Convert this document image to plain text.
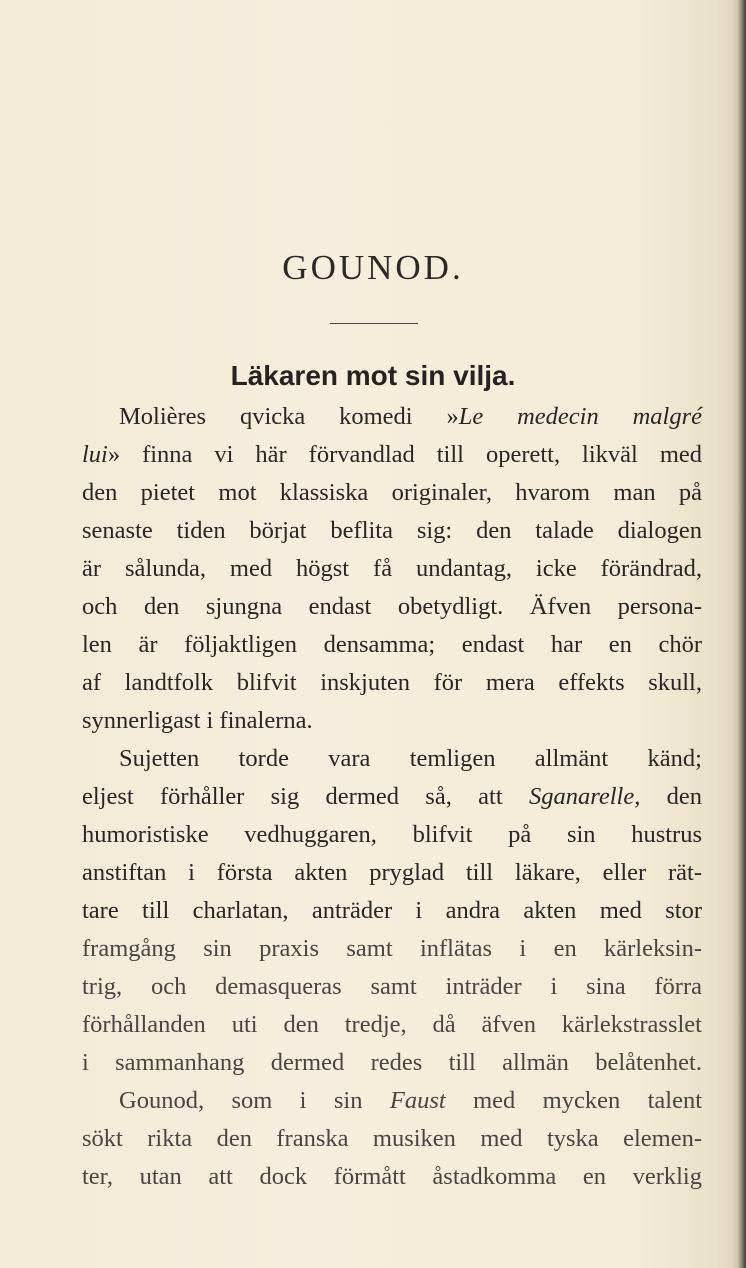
GOUNOD.
Läkaren mot sin vilja.
Molières qvicka komedi »Le medecin malgré
lui» finna vi här förvandlad till operett, likväl med
den pietet mot klassiska originaler, hvarom man på
senaste tiden börjat beflita sig: den talade dialogen
är sålunda, med högst få undantag, icke förändrad,
och den sjungna endast obetydligt. Äfven persona-
len är följaktligen densamma; endast har en chör
af landtfolk blifvit inskjuten för mera effekts skull,
synnerligast i finalerna.
Sujetten torde vara temligen allmänt känd;
eljest förhåller sig dermed så, att Sganarelle, den
humoristiske vedhuggaren, blifvit på sin hustrus
anstiftan i första akten pryglad till läkare, eller rät-
tare till charlatan, anträder i andra akten med stor
framgång sin praxis samt inflätas i en kärleksin-
trig, och demasqueras samt inträder i sina förra
förhållanden uti den tredje, då äfven kärlekstrasslet
i sammanhang dermed redes till allmän belåtenhet.
Gounod, som i sin Faust med mycken talent
sökt rikta den franska musiken med tyska elemen-
ter, utan att dock förmått åstadkomma en verklig
